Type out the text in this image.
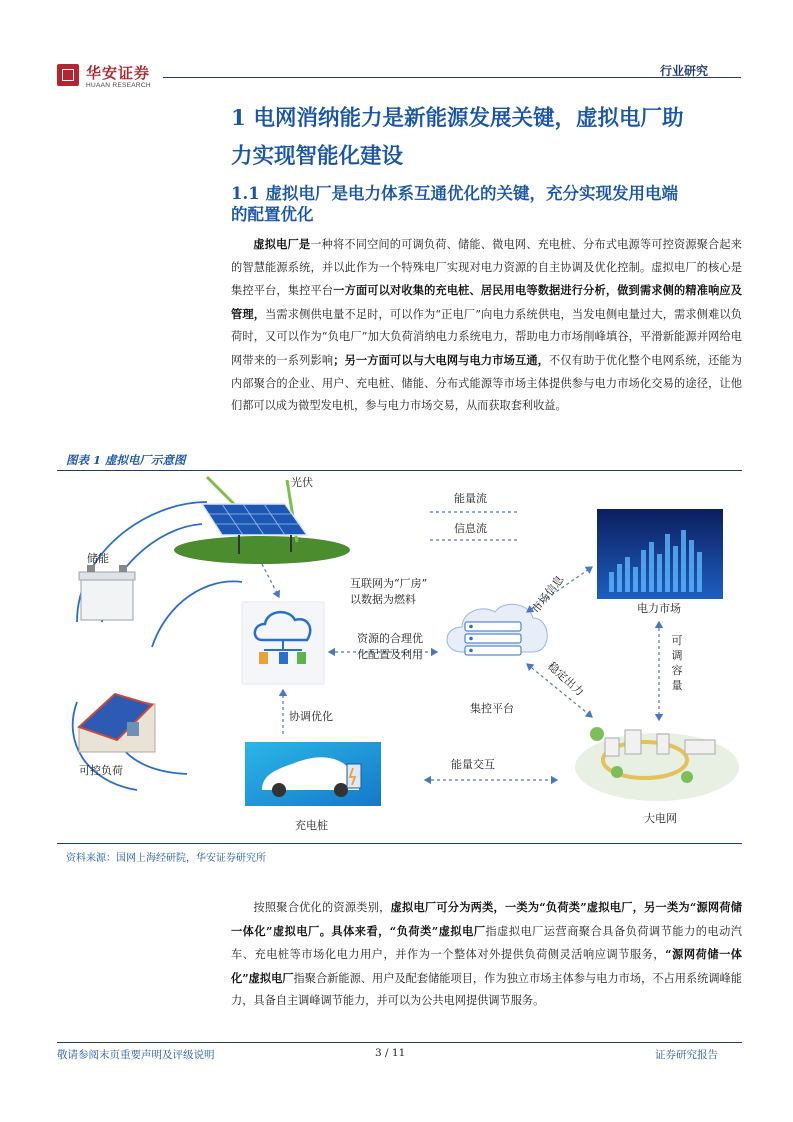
华安证券
HUAAN RESEARCH
行业研究
1 电网消纳能力是新能源发展关键，虚拟电厂助
力实现智能化建设
1.1 虚拟电厂是电力体系互通优化的关键，充分实现发用电端
的配置优化

虚拟电厂是一种将不同空间的可调负荷、储能、微电网、充电桩、分布式电源等可控资源聚合起来的智慧能源系统，并以此作为一个特殊电厂实现对电力资源的自主协调及优化控制。虚拟电厂的核心是集控平台，集控平台一方面可以对收集的充电桩、居民用电等数据进行分析，做到需求侧的精准响应及管理，当需求侧供电量不足时，可以作为“正电厂”向电力系统供电，当发电侧电量过大，需求侧难以负荷时，又可以作为“负电厂”加大负荷消纳电力系统电力，帮助电力市场削峰填谷，平滑新能源并网给电网带来的一系列影响；另一方面可以与大电网与电力市场互通，不仅有助于优化整个电网系统，还能为内部聚合的企业、用户、充电桩、储能、分布式能源等市场主体提供参与电力市场化交易的途径，让他们都可以成为微型发电机，参与电力市场交易，从而获取套利收益。

图表 1 虚拟电厂示意图
光伏
储能
可控负荷
充电桩
集控平台
电力市场
大电网
能量流
信息流
互联网为“厂房”以数据为燃料
资源的合理优化配置及利用
协调优化
市场信息
稳定出力
能量交互
可调容量
资料来源：国网上海经研院，华安证券研究所

按照聚合优化的资源类别，虚拟电厂可分为两类，一类为“负荷类”虚拟电厂，另一类为“源网荷储一体化”虚拟电厂。具体来看，“负荷类”虚拟电厂指虚拟电厂运营商聚合具备负荷调节能力的电动汽车、充电桩等市场化电力用户，并作为一个整体对外提供负荷侧灵活响应调节服务，“源网荷储一体化”虚拟电厂指聚合新能源、用户及配套储能项目，作为独立市场主体参与电力市场，不占用系统调峰能力，具备自主调峰调节能力，并可以为公共电网提供调节服务。

敬请参阅末页重要声明及评级说明	3 / 11	证券研究报告
